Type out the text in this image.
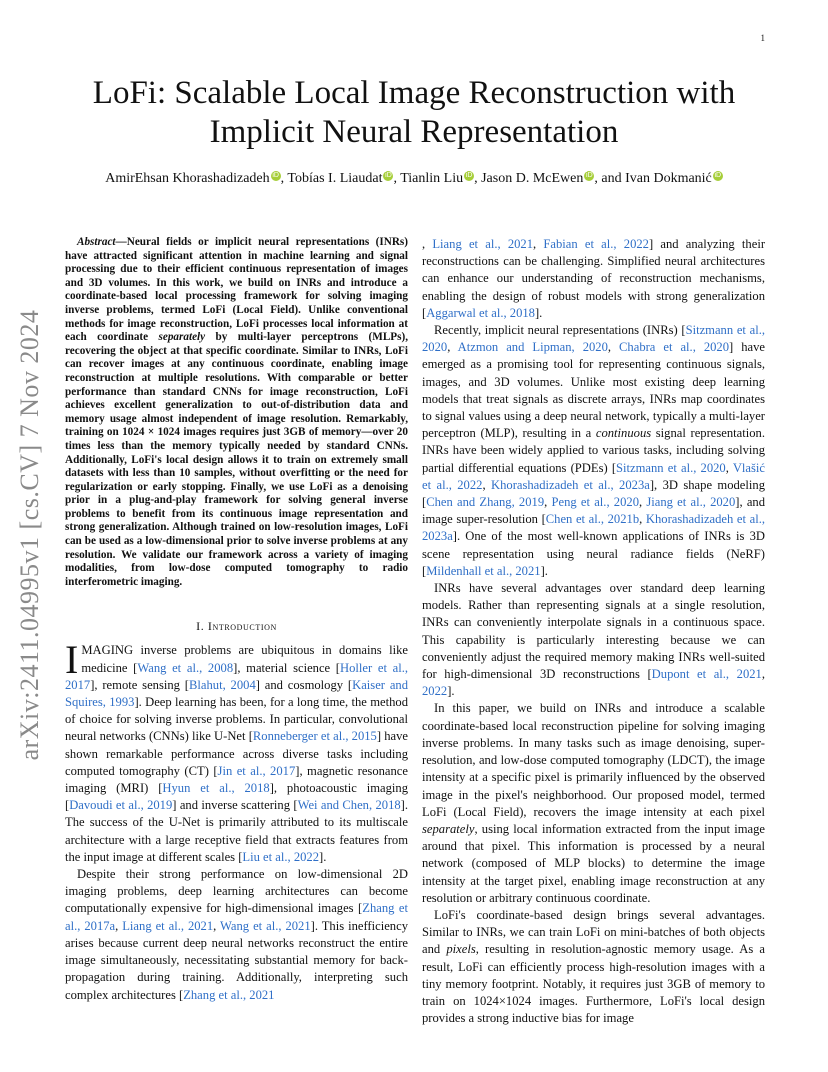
1
arXiv:2411.04995v1 [cs.CV] 7 Nov 2024
LoFi: Scalable Local Image Reconstruction with Implicit Neural Representation
AmirEhsan Khorashadizadeh iD , Tobías I. Liaudat iD , Tianlin Liu iD , Jason D. McEwen iD , and Ivan Dokmanić iD

Abstract—Neural fields or implicit neural representations (INRs) have attracted significant attention in machine learning and signal processing due to their efficient continuous representation of images and 3D volumes. In this work, we build on INRs and introduce a coordinate-based local processing framework for solving imaging inverse problems, termed LoFi (Local Field). Unlike conventional methods for image reconstruction, LoFi processes local information at each coordinate separately by multi-layer perceptrons (MLPs), recovering the object at that specific coordinate. Similar to INRs, LoFi can recover images at any continuous coordinate, enabling image reconstruction at multiple resolutions. With comparable or better performance than standard CNNs for image reconstruction, LoFi achieves excellent generalization to out-of-distribution data and memory usage almost independent of image resolution. Remarkably, training on 1024 × 1024 images requires just 3GB of memory—over 20 times less than the memory typically needed by standard CNNs. Additionally, LoFi's local design allows it to train on extremely small datasets with less than 10 samples, without overfitting or the need for regularization or early stopping. Finally, we use LoFi as a denoising prior in a plug-and-play framework for solving general inverse problems to benefit from its continuous image representation and strong generalization. Although trained on low-resolution images, LoFi can be used as a low-dimensional prior to solve inverse problems at any resolution. We validate our framework across a variety of imaging modalities, from low-dose computed tomography to radio interferometric imaging.

I. Introduction

IMAGING inverse problems are ubiquitous in domains like medicine [Wang et al., 2008], material science [Holler et al., 2017], remote sensing [Blahut, 2004] and cosmology [Kaiser and Squires, 1993]. Deep learning has been, for a long time, the method of choice for solving inverse problems. In particular, convolutional neural networks (CNNs) like U-Net [Ronneberger et al., 2015] have shown remarkable performance across diverse tasks including computed tomography (CT) [Jin et al., 2017], magnetic resonance imaging (MRI) [Hyun et al., 2018], photoacoustic imaging [Davoudi et al., 2019] and inverse scattering [Wei and Chen, 2018]. The success of the U-Net is primarily attributed to its multiscale architecture with a large receptive field that extracts features from the input image at different scales [Liu et al., 2022].

Despite their strong performance on low-dimensional 2D imaging problems, deep learning architectures can become computationally expensive for high-dimensional images [Zhang et al., 2017a, Liang et al., 2021, Wang et al., 2021]. This inefficiency arises because current deep neural networks reconstruct the entire image simultaneously, necessitating substantial memory for back-propagation during training. Additionally, interpreting such complex architectures [Zhang et al., 2021

, Liang et al., 2021, Fabian et al., 2022] and analyzing their reconstructions can be challenging. Simplified neural architectures can enhance our understanding of reconstruction mechanisms, enabling the design of robust models with strong generalization [Aggarwal et al., 2018].

Recently, implicit neural representations (INRs) [Sitzmann et al., 2020, Atzmon and Lipman, 2020, Chabra et al., 2020] have emerged as a promising tool for representing continuous signals, images, and 3D volumes. Unlike most existing deep learning models that treat signals as discrete arrays, INRs map coordinates to signal values using a deep neural network, typically a multi-layer perceptron (MLP), resulting in a continuous signal representation. INRs have been widely applied to various tasks, including solving partial differential equations (PDEs) [Sitzmann et al., 2020, Vlašić et al., 2022, Khorashadizadeh et al., 2023a], 3D shape modeling [Chen and Zhang, 2019, Peng et al., 2020, Jiang et al., 2020], and image super-resolution [Chen et al., 2021b, Khorashadizadeh et al., 2023a]. One of the most well-known applications of INRs is 3D scene representation using neural radiance fields (NeRF) [Mildenhall et al., 2021].

INRs have several advantages over standard deep learning models. Rather than representing signals at a single resolution, INRs can conveniently interpolate signals in a continuous space. This capability is particularly interesting because we can conveniently adjust the required memory making INRs well-suited for high-dimensional 3D reconstructions [Dupont et al., 2021, 2022].

In this paper, we build on INRs and introduce a scalable coordinate-based local reconstruction pipeline for solving imaging inverse problems. In many tasks such as image denoising, super-resolution, and low-dose computed tomography (LDCT), the image intensity at a specific pixel is primarily influenced by the observed image in the pixel's neighborhood. Our proposed model, termed LoFi (Local Field), recovers the image intensity at each pixel separately, using local information extracted from the input image around that pixel. This information is processed by a neural network (composed of MLP blocks) to determine the image intensity at the target pixel, enabling image reconstruction at any resolution or arbitrary continuous coordinate.

LoFi's coordinate-based design brings several advantages. Similar to INRs, we can train LoFi on mini-batches of both objects and pixels, resulting in resolution-agnostic memory usage. As a result, LoFi can efficiently process high-resolution images with a tiny memory footprint. Notably, it requires just 3GB of memory to train on 1024×1024 images. Furthermore, LoFi's local design provides a strong inductive bias for image
